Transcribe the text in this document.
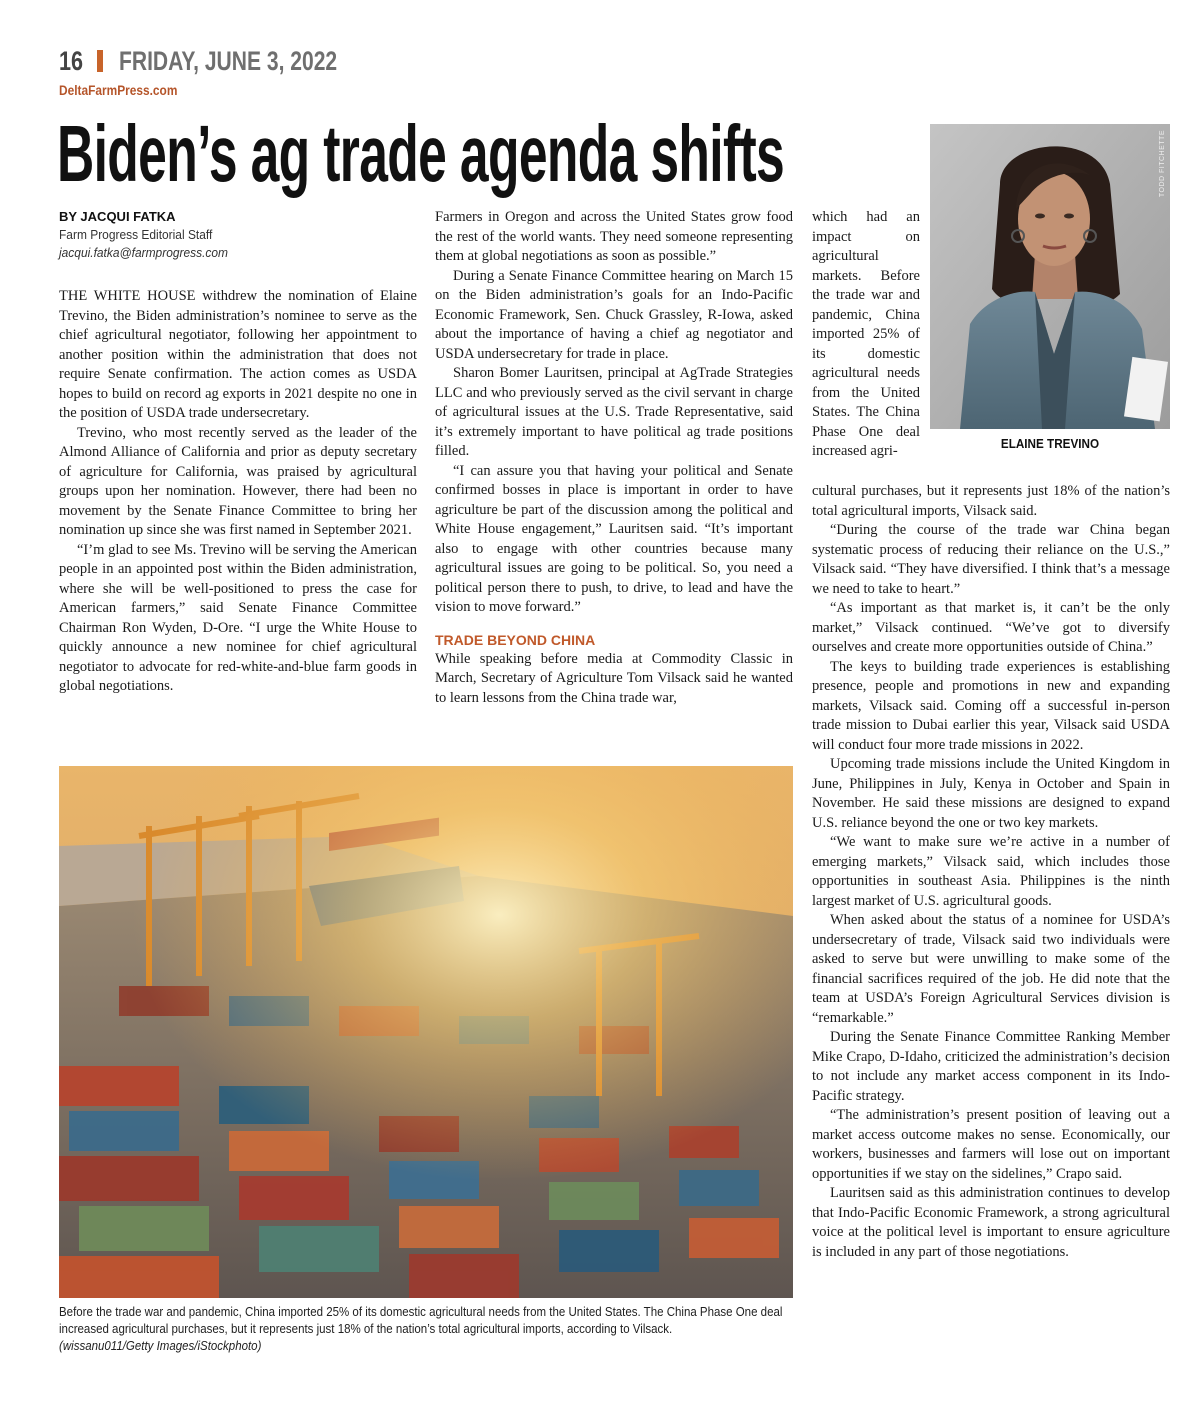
16 FRIDAY, JUNE 3, 2022
DeltaFarmPress.com
Biden’s ag trade agenda shifts
BY JACQUI FATKA
Farm Progress Editorial Staff
jacqui.fatka@farmprogress.com

THE WHITE HOUSE withdrew the nomination of Elaine Trevino, the Biden administration’s nominee to serve as the chief agricultural negotiator, following her appointment to another position within the administration that does not require Senate confirmation. The action comes as USDA hopes to build on record ag exports in 2021 despite no one in the position of USDA trade undersecretary.

Trevino, who most recently served as the leader of the Almond Alliance of California and prior as deputy secretary of agriculture for California, was praised by agricultural groups upon her nomination. However, there had been no movement by the Senate Finance Committee to bring her nomination up since she was first named in September 2021.

“I’m glad to see Ms. Trevino will be serving the American people in an appointed post within the Biden administration, where she will be well-positioned to press the case for American farmers,” said Senate Finance Committee Chairman Ron Wyden, D-Ore. “I urge the White House to quickly announce a new nominee for chief agricultural negotiator to advocate for red-white-and-blue farm goods in global negotiations.

Farmers in Oregon and across the United States grow food the rest of the world wants. They need someone representing them at global negotiations as soon as possible.”

During a Senate Finance Committee hearing on March 15 on the Biden administration’s goals for an Indo-Pacific Economic Framework, Sen. Chuck Grassley, R-Iowa, asked about the importance of having a chief ag negotiator and USDA undersecretary for trade in place.

Sharon Bomer Lauritsen, principal at AgTrade Strategies LLC and who previously served as the civil servant in charge of agricultural issues at the U.S. Trade Representative, said it’s extremely important to have political ag trade positions filled.

“I can assure you that having your political and Senate confirmed bosses in place is important in order to have agriculture be part of the discussion among the political and White House engagement,” Lauritsen said. “It’s important also to engage with other countries because many agricultural issues are going to be political. So, you need a political person there to push, to drive, to lead and have the vision to move forward.”

TRADE BEYOND CHINA

While speaking before media at Commodity Classic in March, Secretary of Agriculture Tom Vilsack said he wanted to learn lessons from the China trade war,

which had an impact on agricultural markets. Before the trade war and pandemic, China imported 25% of its domestic agricultural needs from the United States. The China Phase One deal increased agri-

cultural purchases, but it represents just 18% of the nation’s total agricultural imports, Vilsack said.

“During the course of the trade war China began systematic process of reducing their reliance on the U.S.,” Vilsack said. “They have diversified. I think that’s a message we need to take to heart.”

“As important as that market is, it can’t be the only market,” Vilsack continued. “We’ve got to diversify ourselves and create more opportunities outside of China.”

The keys to building trade experiences is establishing presence, people and promotions in new and expanding markets, Vilsack said. Coming off a successful in-person trade mission to Dubai earlier this year, Vilsack said USDA will conduct four more trade missions in 2022.

Upcoming trade missions include the United Kingdom in June, Philippines in July, Kenya in October and Spain in November. He said these missions are designed to expand U.S. reliance beyond the one or two key markets.

“We want to make sure we’re active in a number of emerging markets,” Vilsack said, which includes those opportunities in southeast Asia. Philippines is the ninth largest market of U.S. agricultural goods.

When asked about the status of a nominee for USDA’s undersecretary of trade, Vilsack said two individuals were asked to serve but were unwilling to make some of the financial sacrifices required of the job. He did note that the team at USDA’s Foreign Agricultural Services division is “remarkable.”

During the Senate Finance Committee Ranking Member Mike Crapo, D-Idaho, criticized the administration’s decision to not include any market access component in its Indo-Pacific strategy.

“The administration’s present position of leaving out a market access outcome makes no sense. Economically, our workers, businesses and farmers will lose out on important opportunities if we stay on the sidelines,” Crapo said.

Lauritsen said as this administration continues to develop that Indo-Pacific Economic Framework, a strong agricultural voice at the political level is important to ensure agriculture is included in any part of those negotiations.

TODD FITCHETTE
ELAINE TREVINO
Before the trade war and pandemic, China imported 25% of its domestic agricultural needs from the United States. The China Phase One deal increased agricultural purchases, but it represents just 18% of the nation’s total agricultural imports, according to Vilsack.
(wissanu011/Getty Images/iStockphoto)
